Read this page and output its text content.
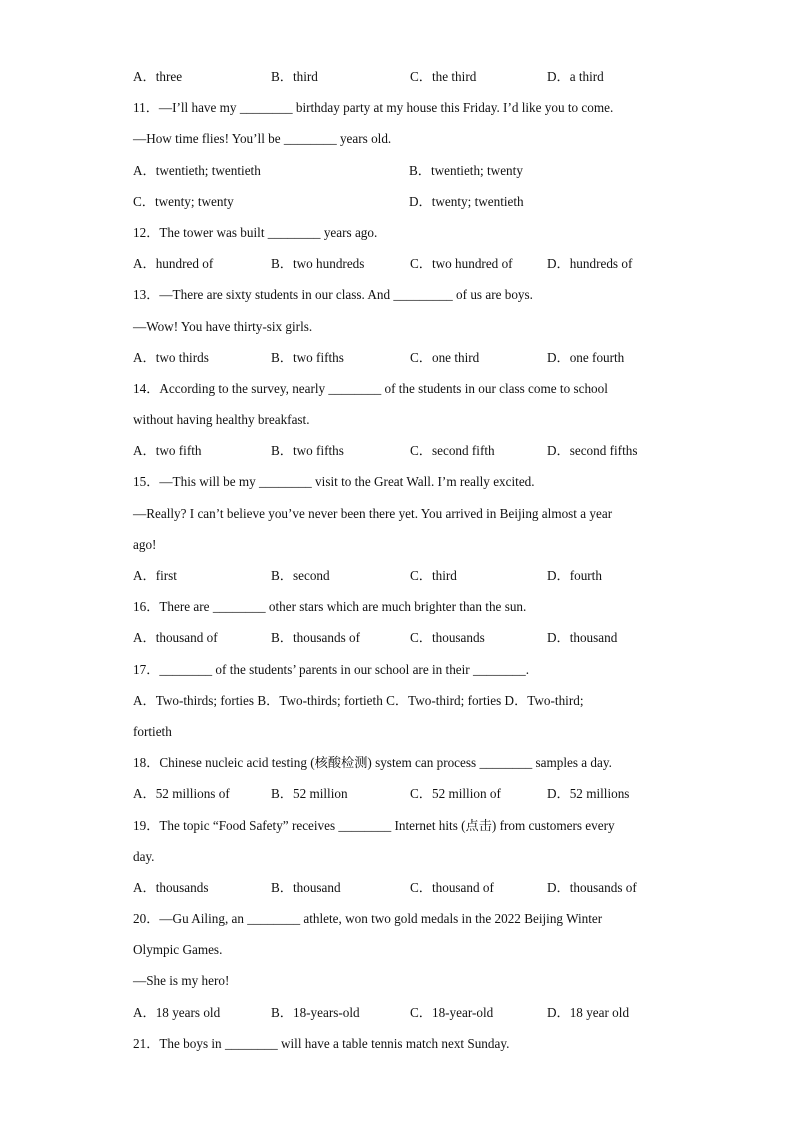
A．three	B．third	C．the third	D．a third
11．—I’ll have my ________ birthday party at my house this Friday. I’d like you to come.
—How time flies! You’ll be ________ years old.
A．twentieth; twentieth	B．twentieth; twenty
C．twenty; twenty	D．twenty; twentieth
12．The tower was built ________ years ago.
A．hundred of	B．two hundreds	C．two hundred of	D．hundreds of
13．—There are sixty students in our class. And _________ of us are boys.
—Wow! You have thirty-six girls.
A．two thirds	B．two fifths	C．one third	D．one fourth
14．According to the survey, nearly ________ of the students in our class come to school
without having healthy breakfast.
A．two fifth	B．two fifths	C．second fifth	D．second fifths
15．—This will be my ________ visit to the Great Wall. I’m really excited.
—Really? I can’t believe you’ve never been there yet. You arrived in Beijing almost a year
ago!
A．first	B．second	C．third	D．fourth
16．There are ________ other stars which are much brighter than the sun.
A．thousand of	B．thousands of	C．thousands	D．thousand
17．________ of the students’ parents in our school are in their ________.
A．Two-thirds; forties B．Two-thirds; fortieth C．Two-third; forties D．Two-third;
fortieth
18．Chinese nucleic acid testing (核酸检测) system can process ________ samples a day.
A．52 millions of	B．52 million	C．52 million of	D．52 millions
19．The topic “Food Safety” receives ________ Internet hits (点击) from customers every
day.
A．thousands	B．thousand	C．thousand of	D．thousands of
20．—Gu Ailing, an ________ athlete, won two gold medals in the 2022 Beijing Winter
Olympic Games.
—She is my hero!
A．18 years old	B．18-years-old	C．18-year-old	D．18 year old
21．The boys in ________ will have a table tennis match next Sunday.
